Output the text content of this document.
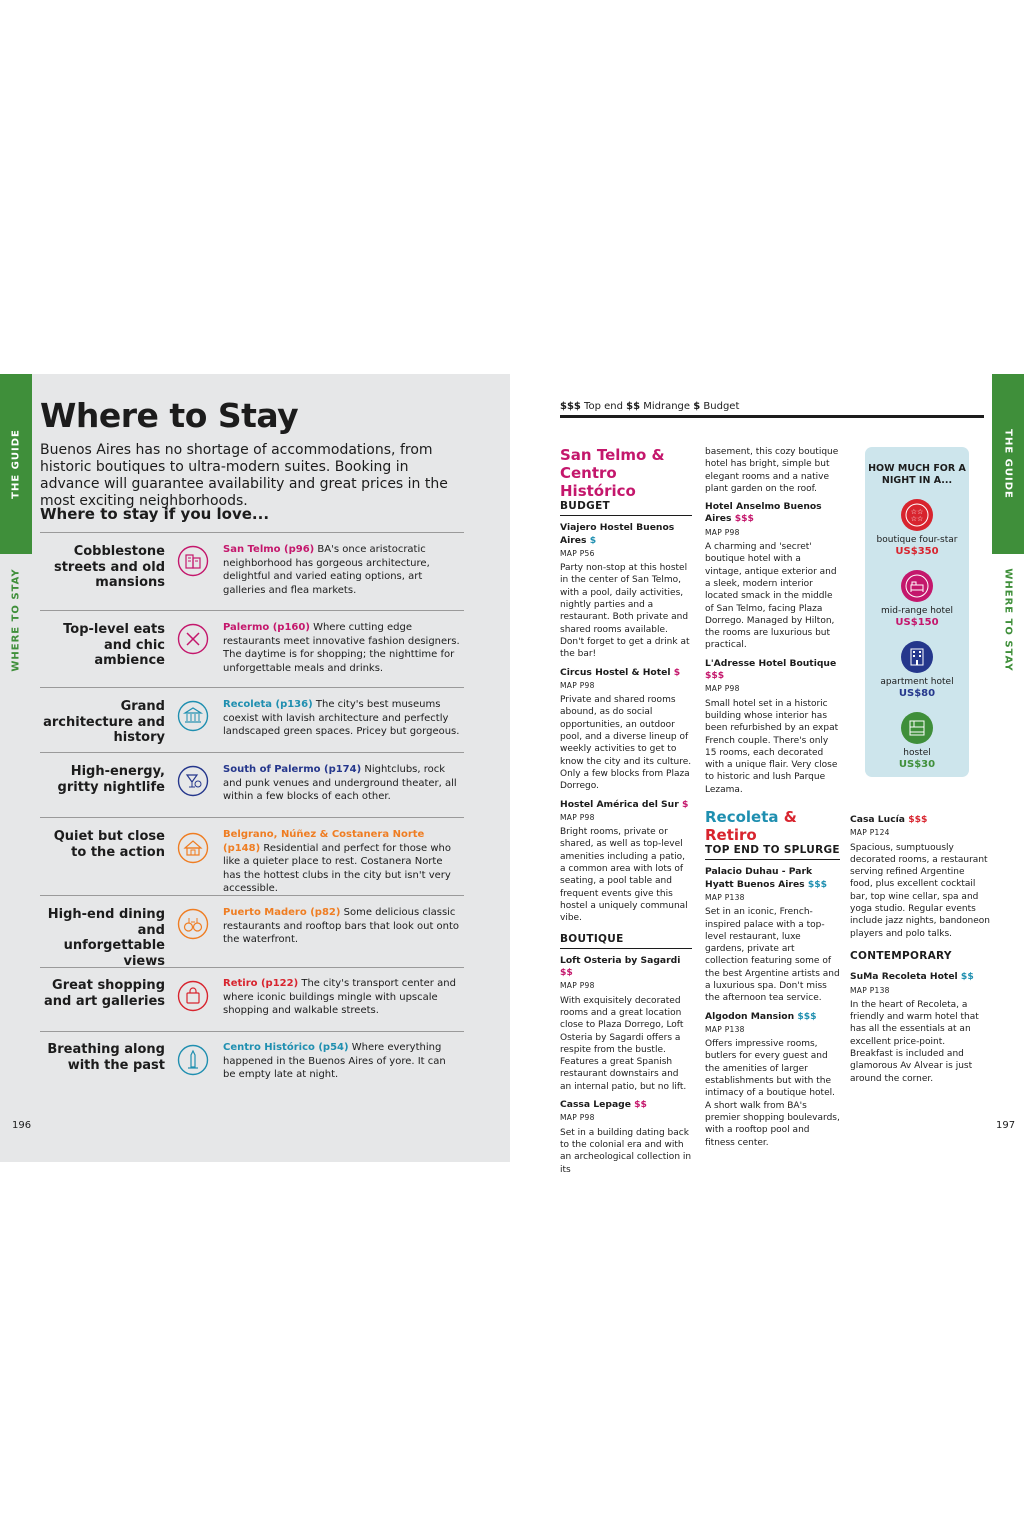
THE GUIDE
WHERE TO STAY
Where to Stay

Buenos Aires has no shortage of accommodations, from historic boutiques to ultra-modern suites. Booking in advance will guarantee availability and great prices in the most exciting neighborhoods.

Where to stay if you love...

Cobblestone streets and old mansions
San Telmo (p96) BA's once aristocratic neighborhood has gorgeous architecture, delightful and varied eating options, art galleries and flea markets.
Top-level eats and chic ambience
Palermo (p160) Where cutting edge restaurants meet innovative fashion designers. The daytime is for shopping; the nighttime for unforgettable meals and drinks.
Grand architecture and history
Recoleta (p136) The city's best museums coexist with lavish architecture and perfectly landscaped green spaces. Pricey but gorgeous.
High-energy, gritty nightlife
South of Palermo (p174) Nightclubs, rock and punk venues and underground theater, all within a few blocks of each other.
Quiet but close to the action
Belgrano, Núñez & Costanera Norte (p148) Residential and perfect for those who like a quieter place to rest. Costanera Norte has the hottest clubs in the city but isn't very accessible.
High-end dining and unforgettable views
Puerto Madero (p82) Some delicious classic restaurants and rooftop bars that look out onto the waterfront.
Great shopping and art galleries
Retiro (p122) The city's transport center and where iconic buildings mingle with upscale shopping and walkable streets.
Breathing along with the past
Centro Histórico (p54) Where everything happened in the Buenos Aires of yore. It can be empty late at night.
196
THE GUIDE
WHERE TO STAY
$$$ Top end $$ Midrange $ Budget

San Telmo &
Centro Histórico

BUDGET

Viajero Hostel Buenos Aires $

MAP P56

Party non-stop at this hostel in the center of San Telmo, with a pool, daily activities, nightly parties and a restaurant. Both private and shared rooms available. Don't forget to get a drink at the bar!

Circus Hostel & Hotel $

MAP P98

Private and shared rooms abound, as do social opportunities, an outdoor pool, and a diverse lineup of weekly activities to get to know the city and its culture. Only a few blocks from Plaza Dorrego.

Hostel América del Sur $

MAP P98

Bright rooms, private or shared, as well as top-level amenities including a patio, a common area with lots of seating, a pool table and frequent events give this hostel a uniquely communal vibe.

BOUTIQUE

Loft Osteria by Sagardi $$

MAP P98

With exquisitely decorated rooms and a great location close to Plaza Dorrego, Loft Osteria by Sagardi offers a respite from the bustle. Features a great Spanish restaurant downstairs and an internal patio, but no lift.

Cassa Lepage $$

MAP P98

Set in a building dating back to the colonial era and with an archeological collection in its

basement, this cozy boutique hotel has bright, simple but elegant rooms and a native plant garden on the roof.

Hotel Anselmo Buenos Aires $$$

MAP P98

A charming and 'secret' boutique hotel with a vintage, antique exterior and a sleek, modern interior located smack in the middle of San Telmo, facing Plaza Dorrego. Managed by Hilton, the rooms are luxurious but practical.

L'Adresse Hotel Boutique $$$

MAP P98

Small hotel set in a historic building whose interior has been refurbished by an expat French couple. There's only 15 rooms, each decorated with a unique flair. Very close to historic and lush Parque Lezama.

Recoleta & Retiro

TOP END TO SPLURGE

Palacio Duhau - Park Hyatt Buenos Aires $$$

MAP P138

Set in an iconic, French-inspired palace with a top-level restaurant, luxe gardens, private art collection featuring some of the best Argentine artists and a luxurious spa. Don't miss the afternoon tea service.

Algodon Mansion $$$

MAP P138

Offers impressive rooms, butlers for every guest and the amenities of larger establishments but with the intimacy of a boutique hotel. A short walk from BA's premier shopping boulevards, with a rooftop pool and fitness center.

HOW MUCH FOR A NIGHT IN A...
☆☆
☆☆
boutique four-star
US$350
mid-range hotel
US$150
apartment hotel
US$80
hostel
US$30

Casa Lucía $$$

MAP P124

Spacious, sumptuously decorated rooms, a restaurant serving refined Argentine food, plus excellent cocktail bar, top wine cellar, spa and yoga studio. Regular events include jazz nights, bandoneon players and polo talks.

CONTEMPORARY

SuMa Recoleta Hotel $$

MAP P138

In the heart of Recoleta, a friendly and warm hotel that has all the essentials at an excellent price-point. Breakfast is included and glamorous Av Alvear is just around the corner.

197
